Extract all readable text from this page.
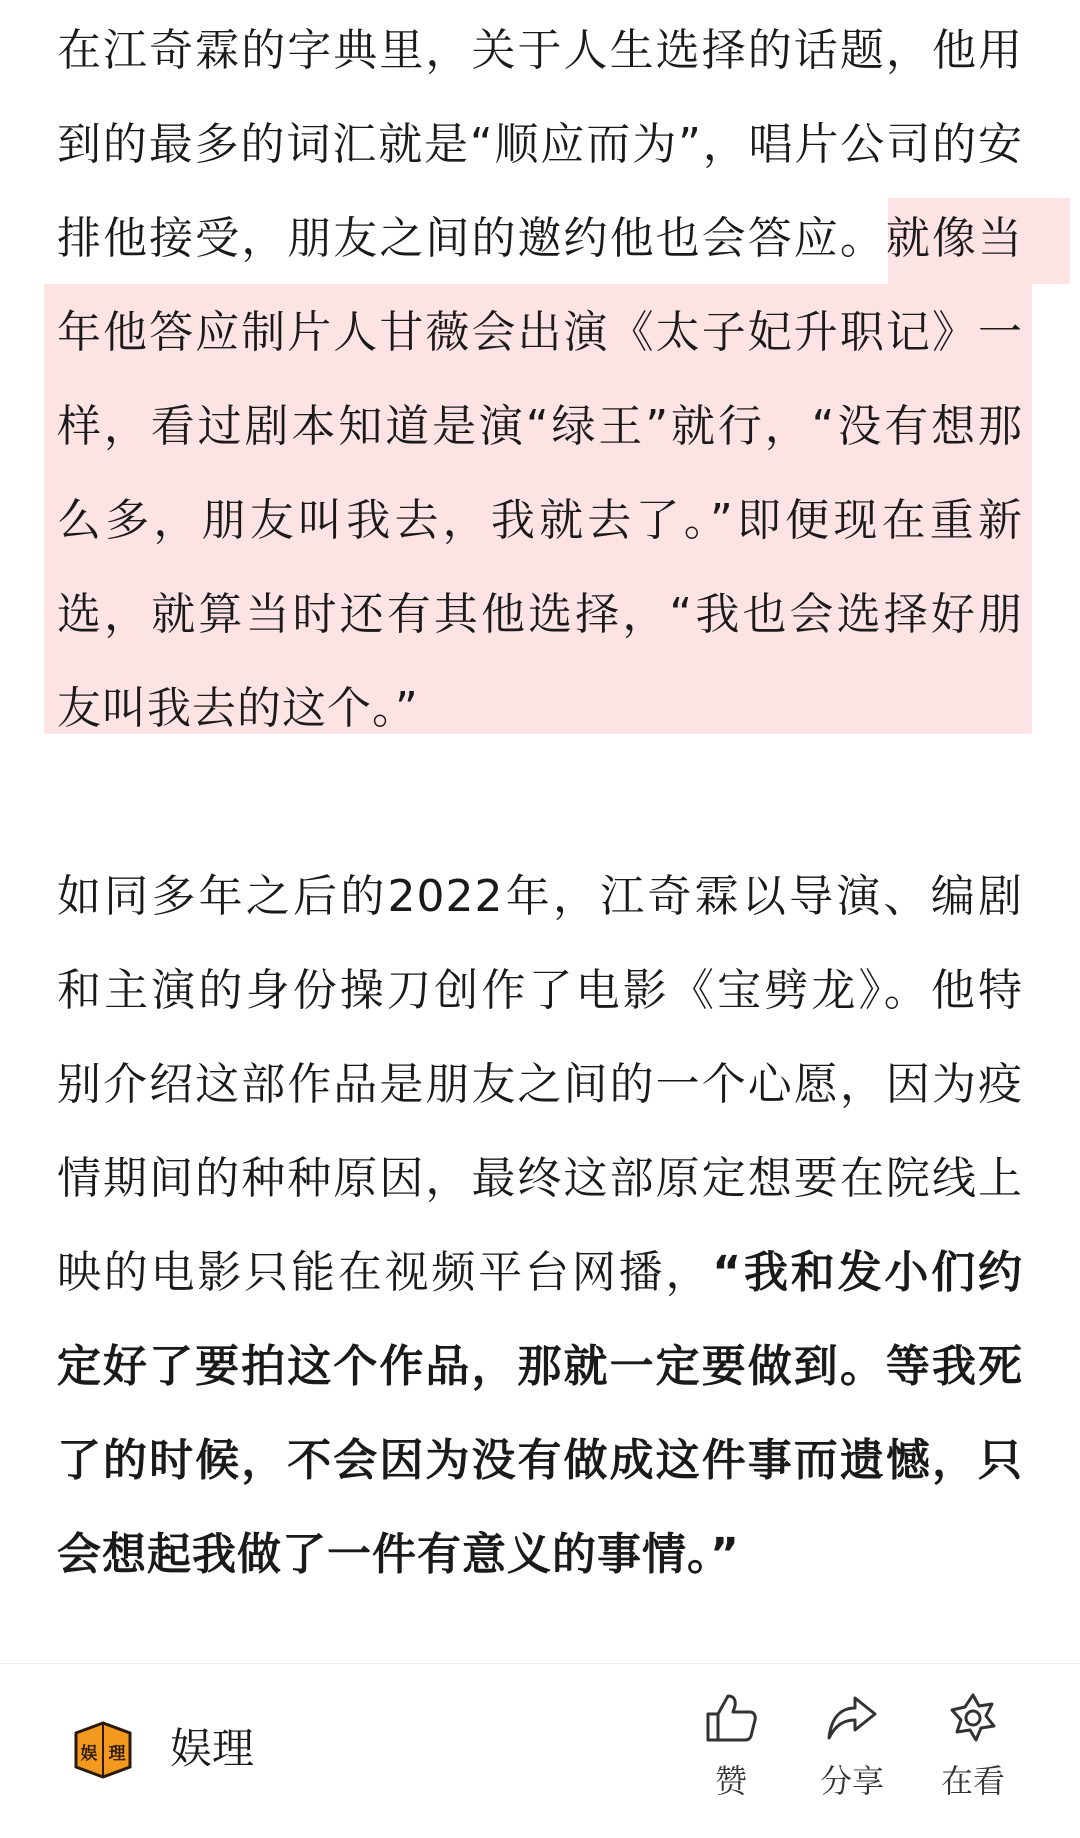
在江奇霖的字典里，关于人生选择的话题，他用到的最多的词汇就是“顺应而为”，唱片公司的安排他接受，朋友之间的邀约他也会答应。就像当年他答应制片人甘薇会出演《太子妃升职记》一样，看过剧本知道是演“绿王”就行，“没有想那么多，朋友叫我去，我就去了。”即便现在重新选，就算当时还有其他选择，“我也会选择好朋友叫我去的这个。”

如同多年之后的2022年，江奇霖以导演、编剧和主演的身份操刀创作了电影《宝劈龙》。他特别介绍这部作品是朋友之间的一个心愿，因为疫情期间的种种原因，最终这部原定想要在院线上映的电影只能在视频平台网播，“我和发小们约定好了要拍这个作品，那就一定要做到。等我死了的时候，不会因为没有做成这件事而遗憾，只会想起我做了一件有意义的事情。”

娱 理 娱理
赞	分享	在看
